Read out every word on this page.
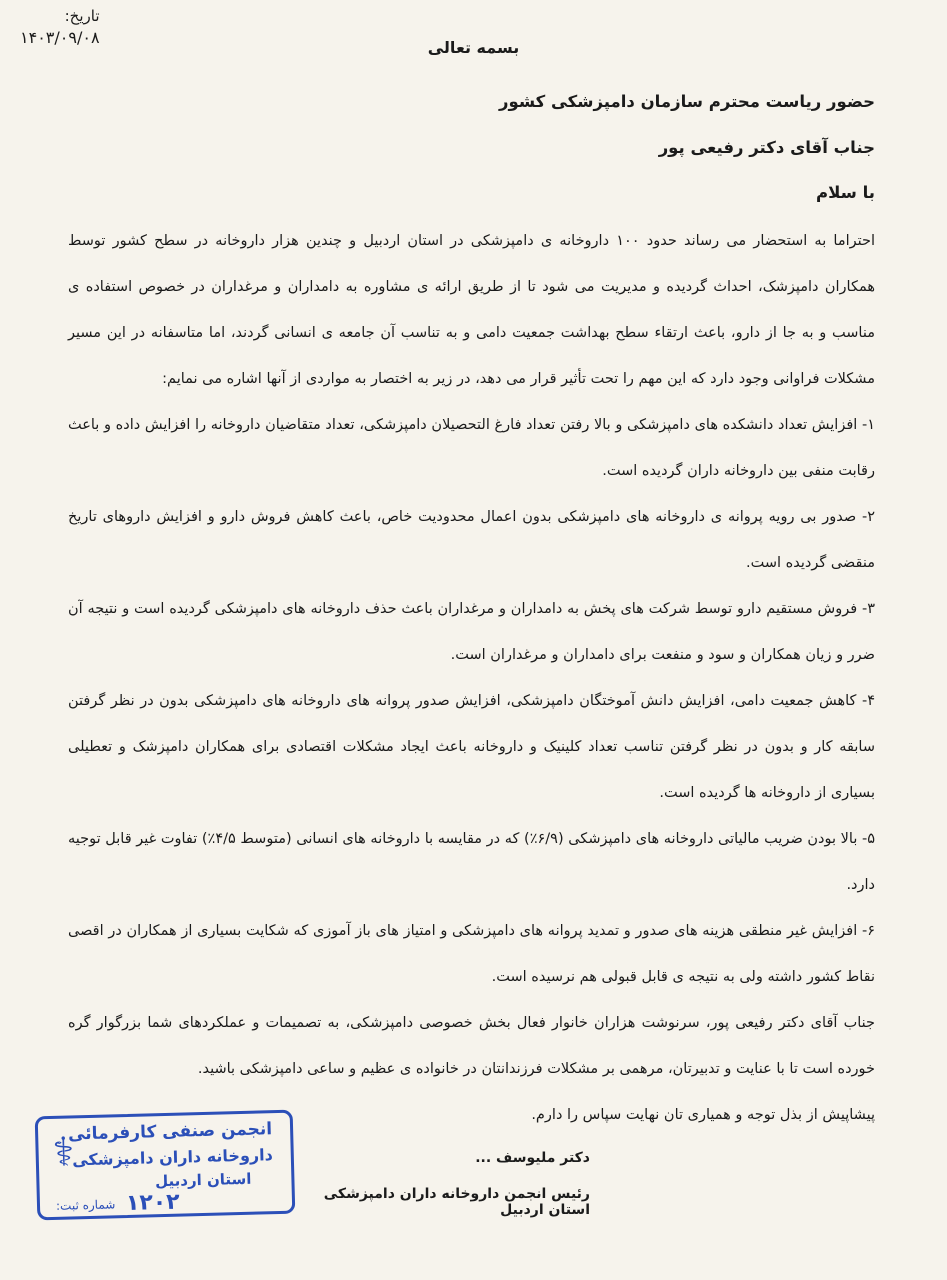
تاریخ:
۱۴۰۳/۰۹/۰۸
بسمه تعالی
حضور ریاست محترم سازمان دامپزشکی کشور
جناب آقای دکتر رفیعی پور
با سلام

احتراما به استحضار می رساند حدود ۱۰۰ داروخانه ی دامپزشکی در استان اردبیل و چندین هزار داروخانه در سطح کشور توسط همکاران دامپزشک، احداث گردیده و مدیریت می شود تا از طریق ارائه ی مشاوره به دامداران و مرغداران در خصوص استفاده ی مناسب و به جا از دارو، باعث ارتقاء سطح بهداشت جمعیت دامی و به تناسب آن جامعه ی انسانی گردند، اما متاسفانه در این مسیر مشکلات فراوانی وجود دارد که این مهم را تحت تأثیر قرار می دهد، در زیر به اختصار به مواردی از آنها اشاره می نمایم:

۱- افزایش تعداد دانشکده های دامپزشکی و بالا رفتن تعداد فارغ التحصیلان دامپزشکی، تعداد متقاضیان داروخانه را افزایش داده و باعث رقابت منفی بین داروخانه داران گردیده است.

۲- صدور بی رویه پروانه ی داروخانه های دامپزشکی بدون اعمال محدودیت خاص، باعث کاهش فروش دارو و افزایش داروهای تاریخ منقضی گردیده است.

۳- فروش مستقیم دارو توسط شرکت های پخش به دامداران و مرغداران باعث حذف داروخانه های دامپزشکی گردیده است و نتیجه آن ضرر و زیان همکاران و سود و منفعت برای دامداران و مرغداران است.

۴- کاهش جمعیت دامی، افزایش دانش آموختگان دامپزشکی، افزایش صدور پروانه های داروخانه های دامپزشکی بدون در نظر گرفتن سابقه کار و بدون در نظر گرفتن تناسب تعداد کلینیک و داروخانه باعث ایجاد مشکلات اقتصادی برای همکاران دامپزشک و تعطیلی بسیاری از داروخانه ها گردیده است.

۵- بالا بودن ضریب مالیاتی داروخانه های دامپزشکی (۶/۹٪) که در مقایسه با داروخانه های انسانی (متوسط ۴/۵٪) تفاوت غیر قابل توجیه دارد.

۶- افزایش غیر منطقی هزینه های صدور و تمدید پروانه های دامپزشکی و امتیاز های باز آموزی که شکایت بسیاری از همکاران در اقصی نقاط کشور داشته ولی به نتیجه ی قابل قبولی هم نرسیده است.

جناب آقای دکتر رفیعی پور، سرنوشت هزاران خانوار فعال بخش خصوصی دامپزشکی، به تصمیمات و عملکردهای شما بزرگوار گره خورده است تا با عنایت و تدبیرتان، مرهمی بر مشکلات فرزندانتان در خانواده ی عظیم و ساعی دامپزشکی باشید.

پیشاپیش از بذل توجه و همیاری تان نهایت سپاس را دارم.

دکتر ملیوسف ...
رئیس انجمن داروخانه داران دامپزشکی استان اردبیل
⚕
انجمن صنفی کارفرمائی
داروخانه داران دامپزشکی
استان اردبیل
۱۲۰۲
شماره ثبت:
